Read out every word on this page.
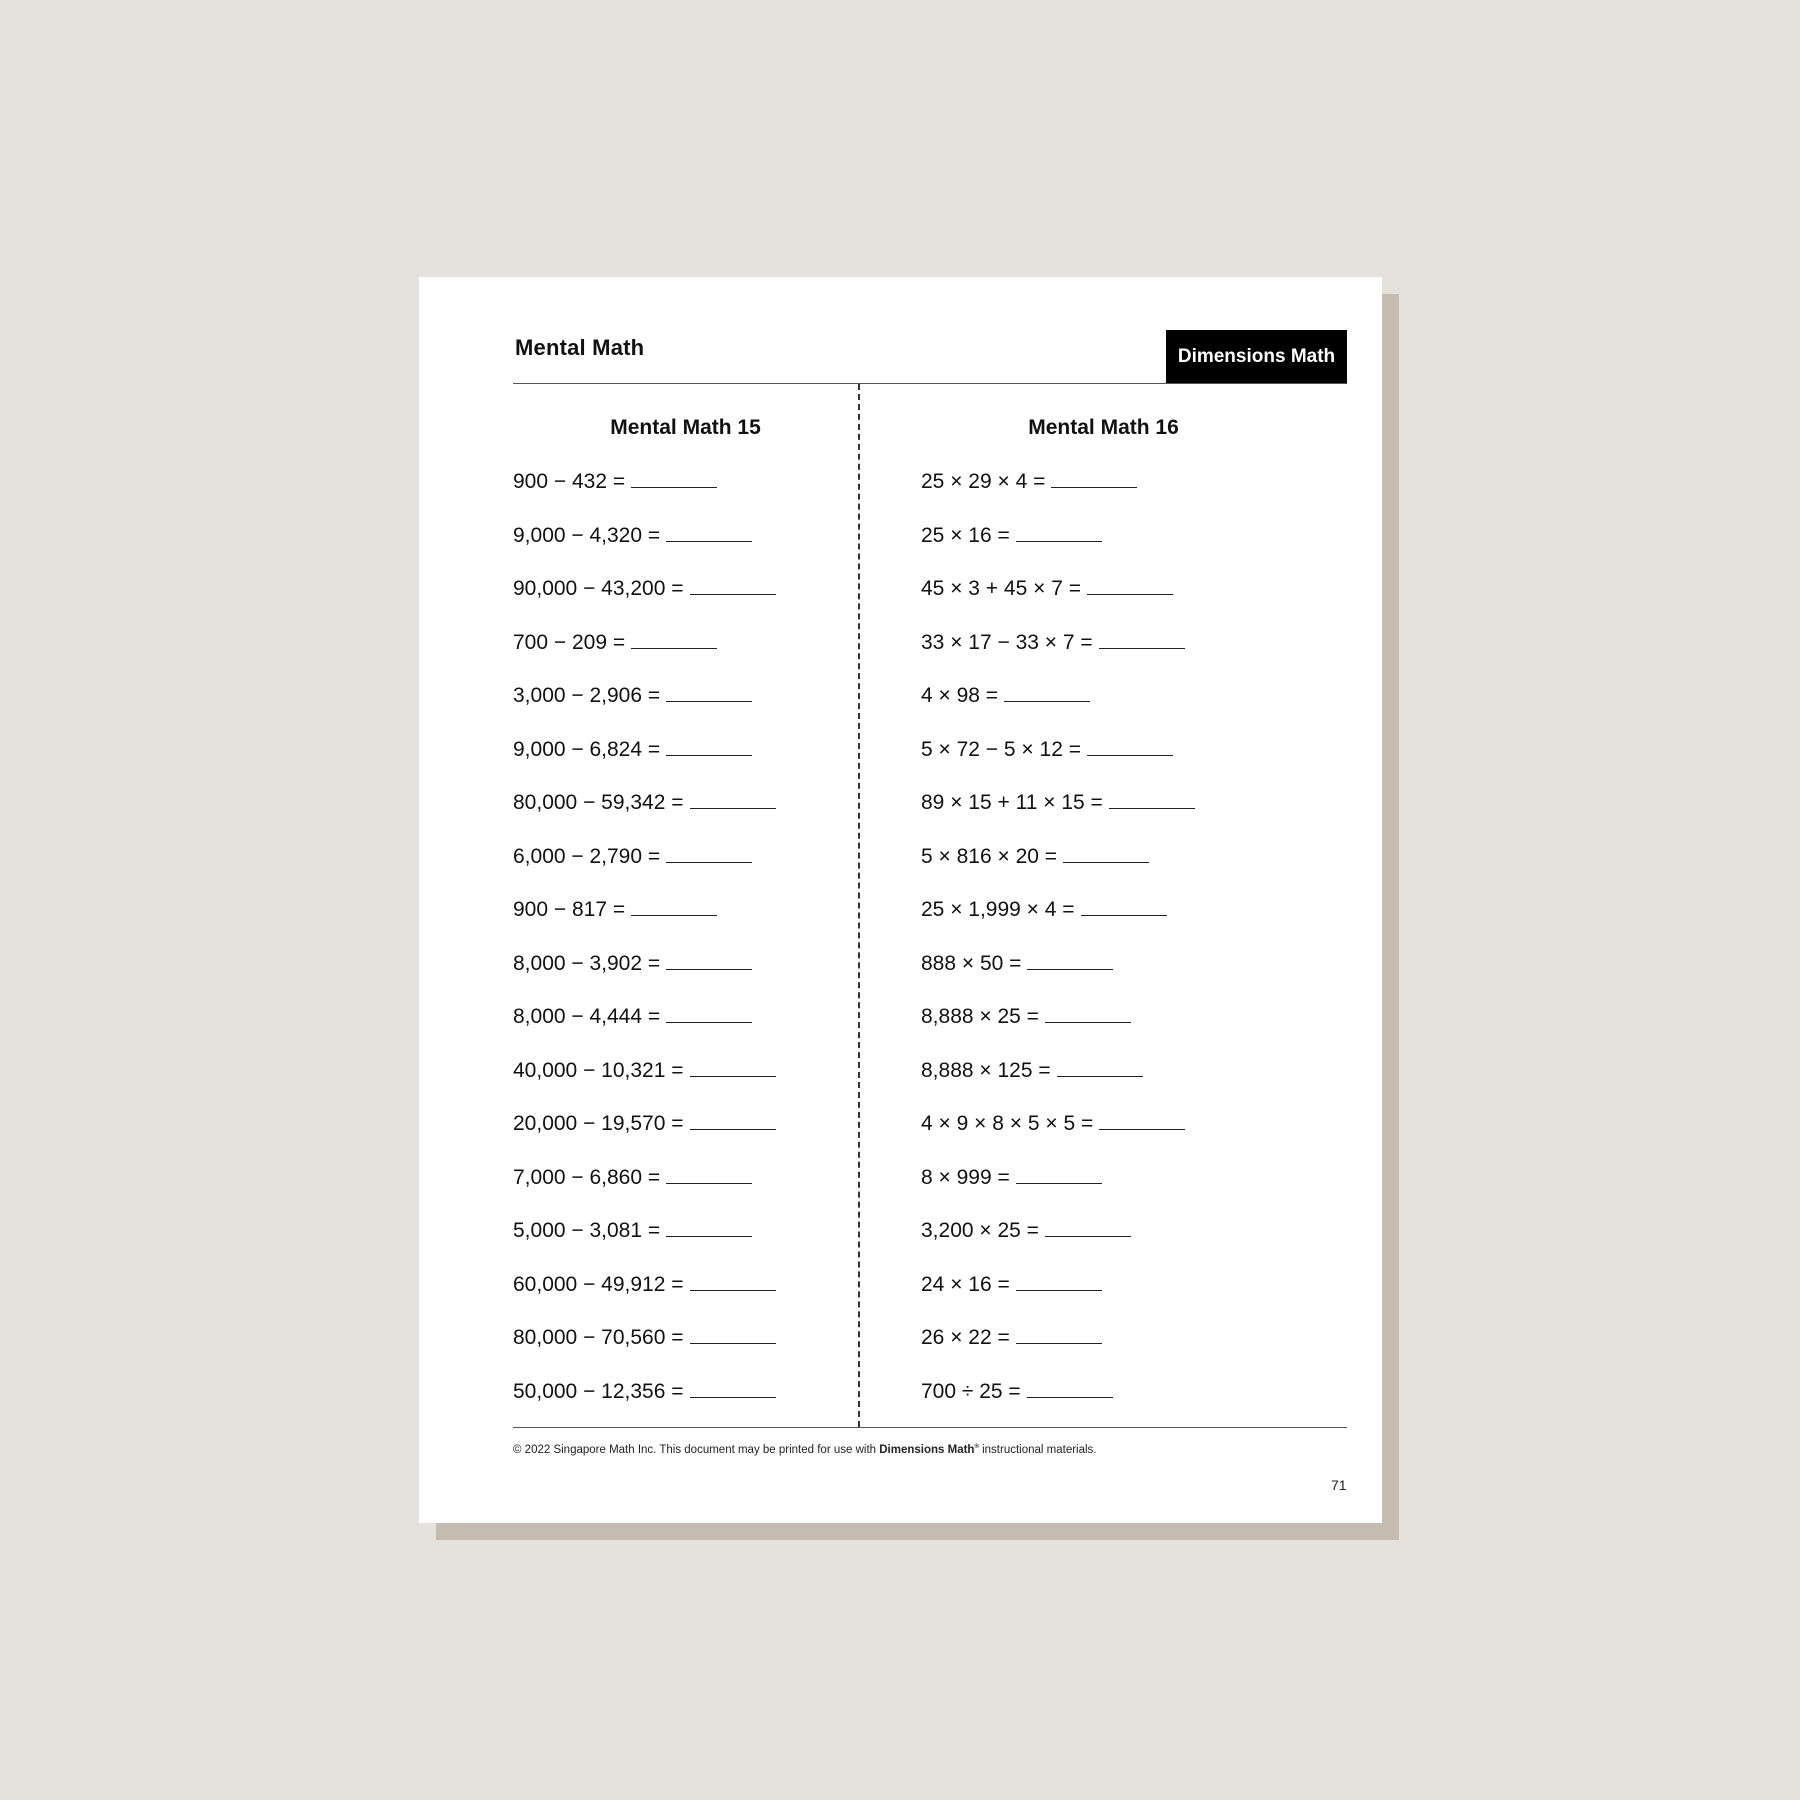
Mental Math	Dimensions Math
Mental Math 15	Mental Math 16
900 − 432 =
9,000 − 4,320 =
90,000 − 43,200 =
700 − 209 =
3,000 − 2,906 =
9,000 − 6,824 =
80,000 − 59,342 =
6,000 − 2,790 =
900 − 817 =
8,000 − 3,902 =
8,000 − 4,444 =
40,000 − 10,321 =
20,000 − 19,570 =
7,000 − 6,860 =
5,000 − 3,081 =
60,000 − 49,912 =
80,000 − 70,560 =
50,000 − 12,356 =
25 × 29 × 4 =
25 × 16 =
45 × 3 + 45 × 7 =
33 × 17 − 33 × 7 =
4 × 98 =
5 × 72 − 5 × 12 =
89 × 15 + 11 × 15 =
5 × 816 × 20 =
25 × 1,999 × 4 =
888 × 50 =
8,888 × 25 =
8,888 × 125 =
4 × 9 × 8 × 5 × 5 =
8 × 999 =
3,200 × 25 =
24 × 16 =
26 × 22 =
700 ÷ 25 =
© 2022 Singapore Math Inc. This document may be printed for use with Dimensions Math® instructional materials.
71
